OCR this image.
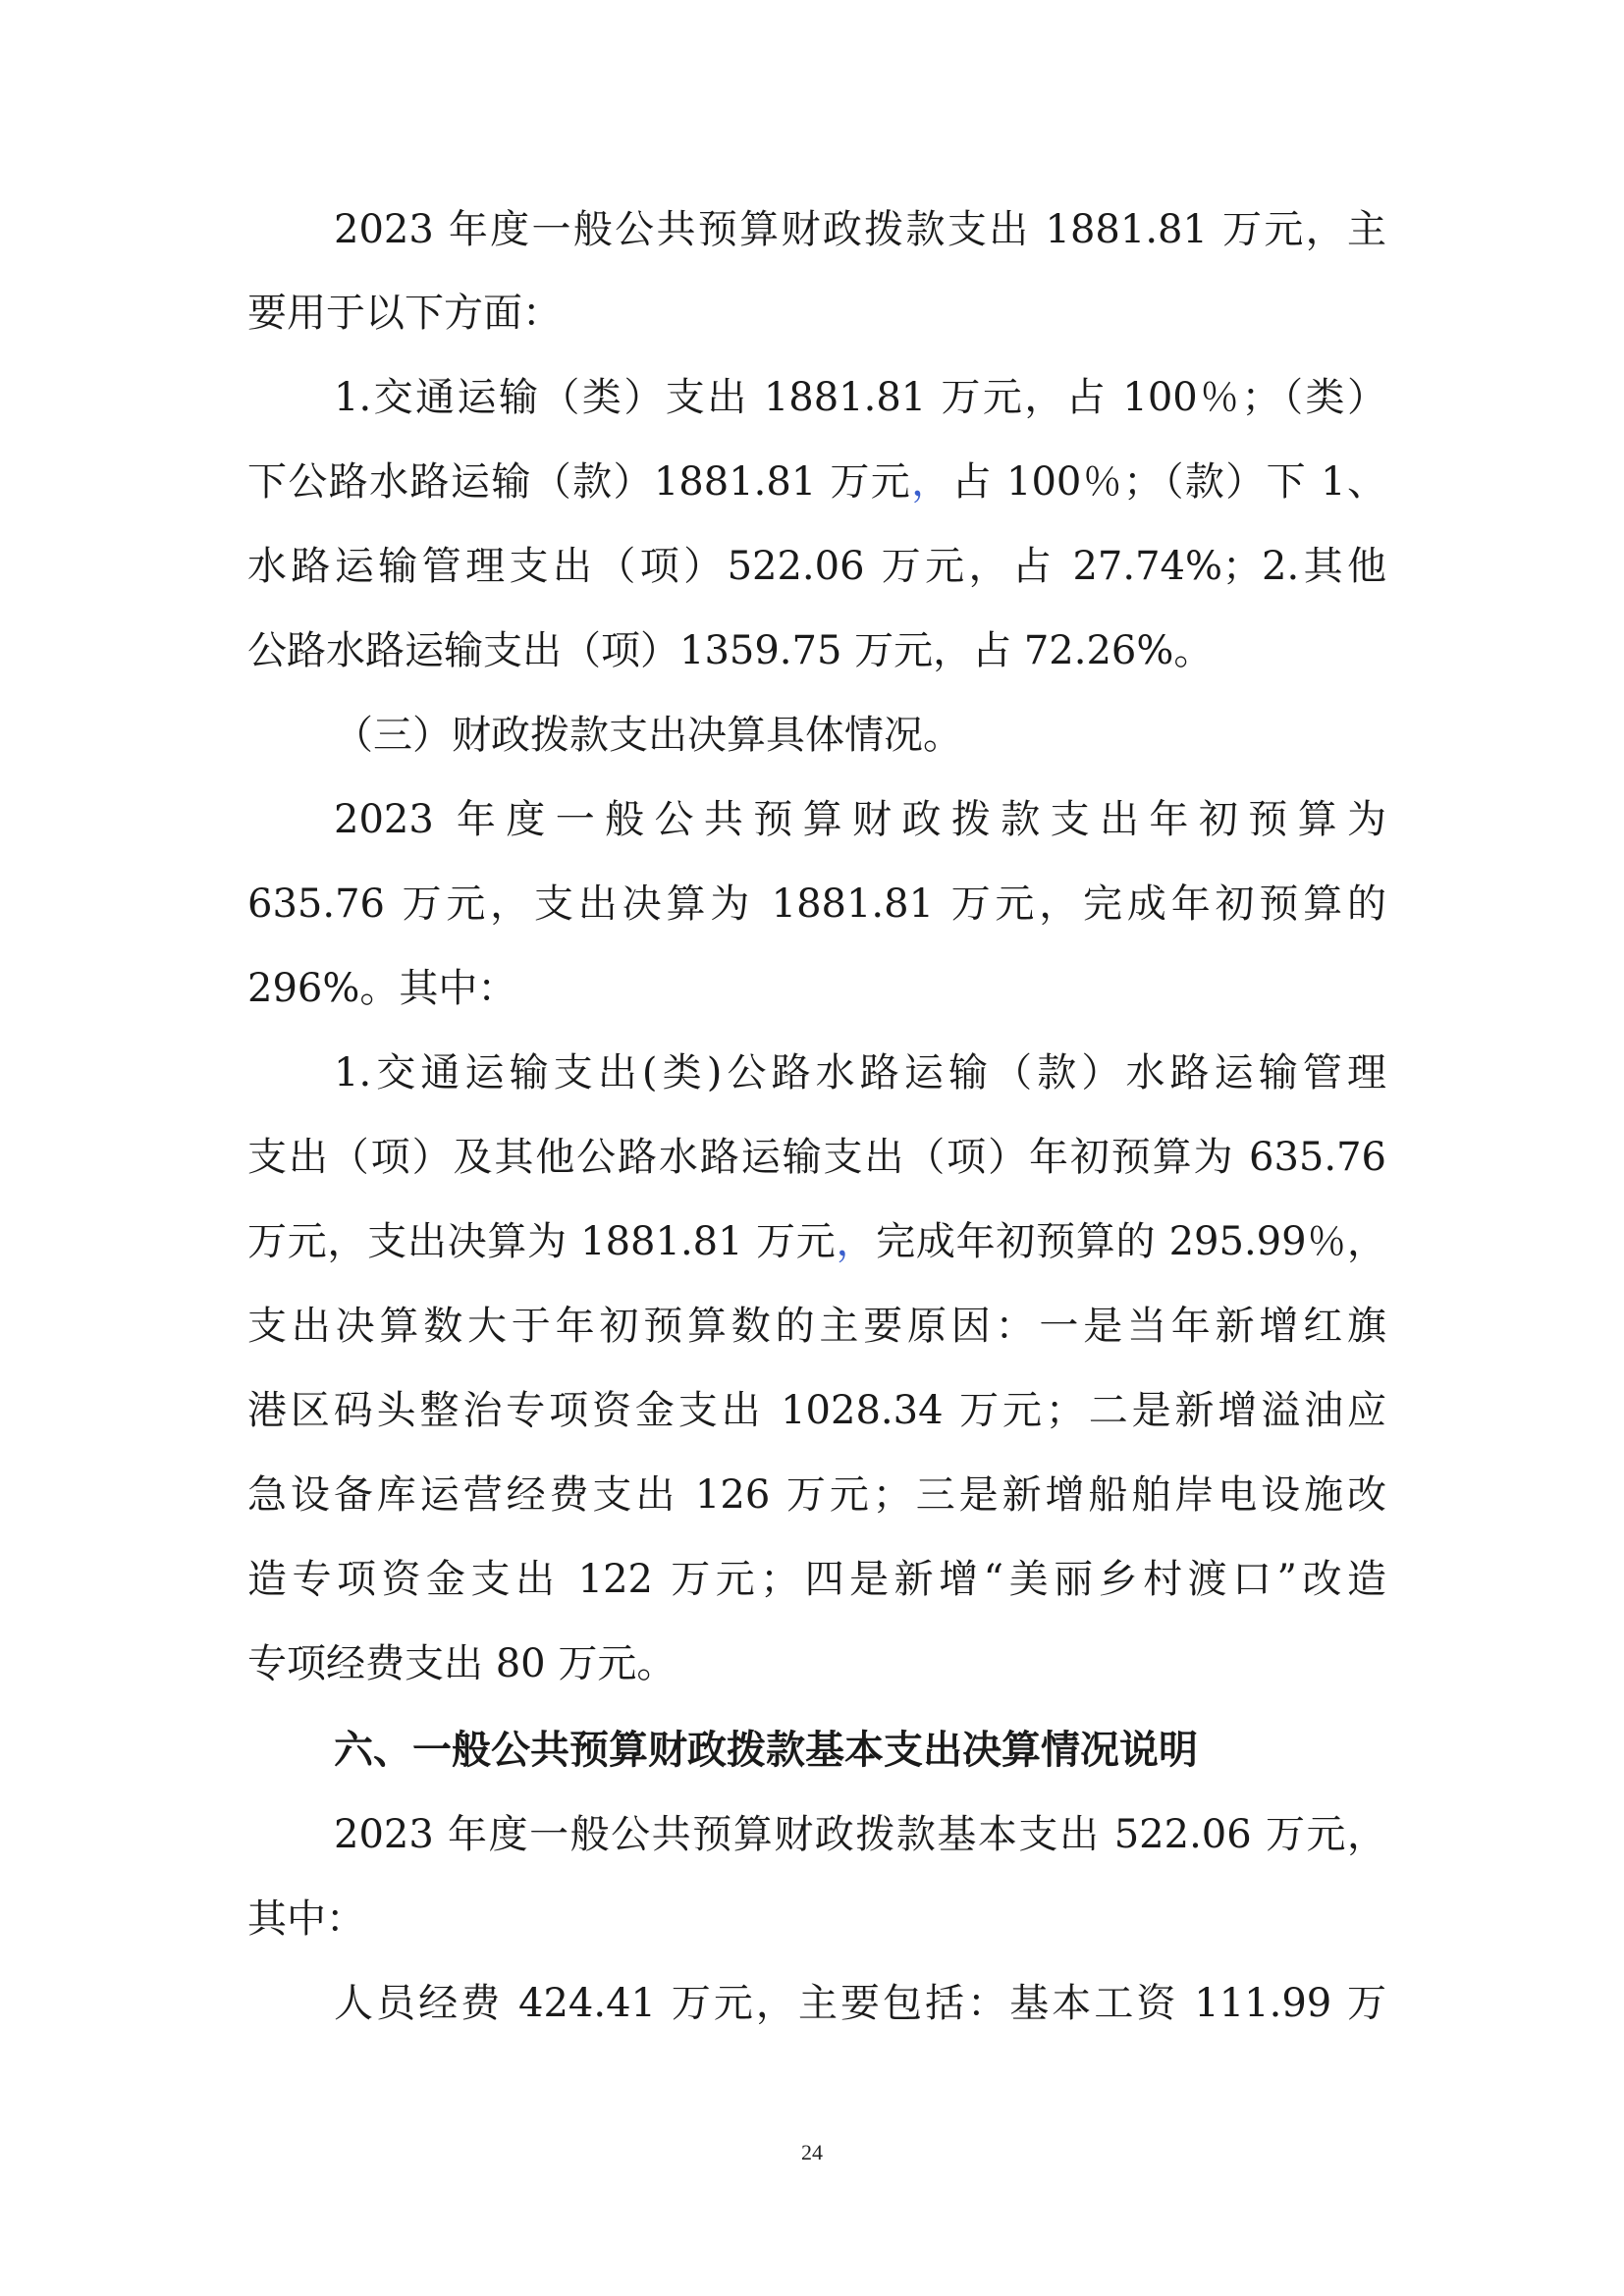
2023 年度一般公共预算财政拨款支出 1881.81 万元，主
要用于以下方面：
1.交通运输（类）支出 1881.81 万元，占 100％；（类）
下公路水路运输（款）1881.81 万元，占 100％；（款）下 1、
水路运输管理支出（项）522.06 万元，占 27.74%；2.其他
公路水路运输支出（项）1359.75 万元，占 72.26%。
（三）财政拨款支出决算具体情况。
2023 年度一般公共预算财政拨款支出年初预算为
635.76 万元，支出决算为 1881.81 万元，完成年初预算的
296%。其中：
1.交通运输支出(类)公路水路运输（款）水路运输管理
支出（项）及其他公路水路运输支出（项）年初预算为 635.76
万元，支出决算为 1881.81 万元，完成年初预算的 295.99％，
支出决算数大于年初预算数的主要原因：一是当年新增红旗
港区码头整治专项资金支出 1028.34 万元；二是新增溢油应
急设备库运营经费支出 126 万元；三是新增船舶岸电设施改
造专项资金支出 122 万元；四是新增“美丽乡村渡口”改造
专项经费支出 80 万元。
六、一般公共预算财政拨款基本支出决算情况说明
2023 年度一般公共预算财政拨款基本支出 522.06 万元，
其中：
人员经费 424.41 万元，主要包括：基本工资 111.99 万
24
